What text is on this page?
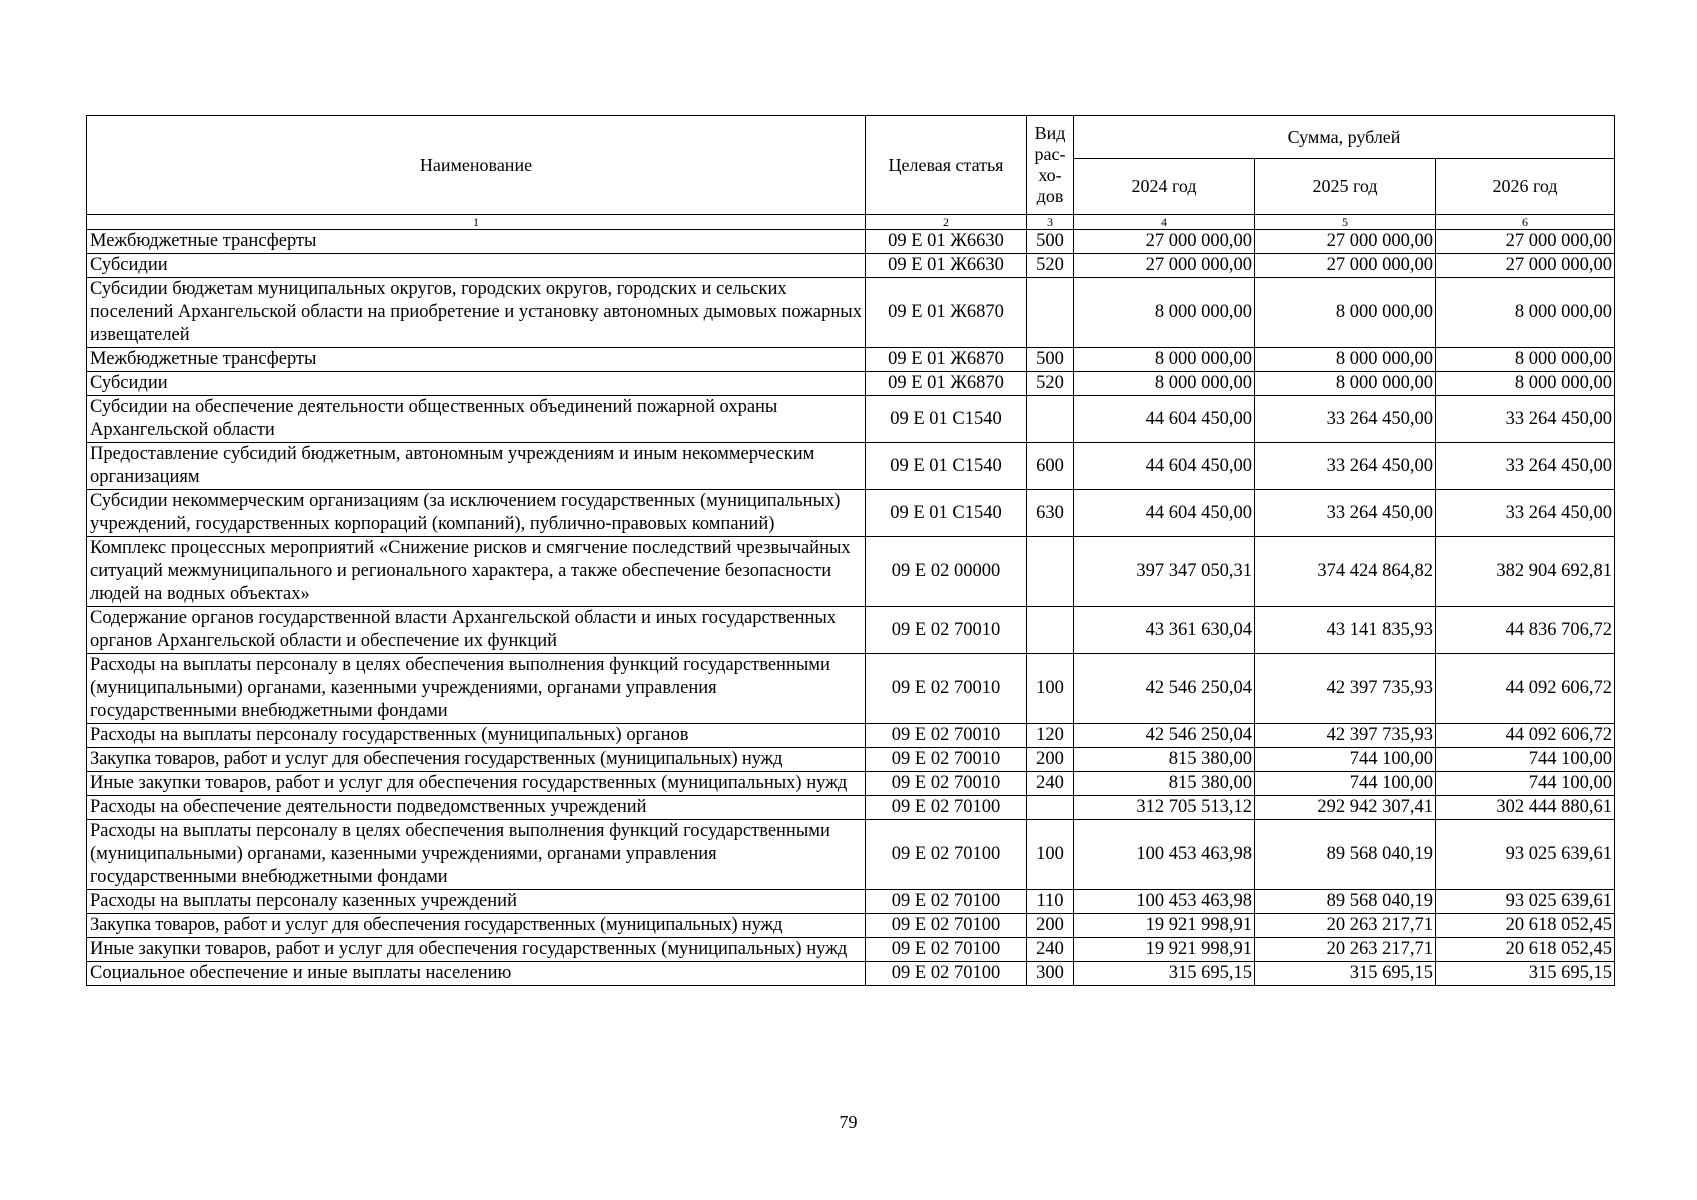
Наименование	Целевая статья	Вид рас-хо-дов	Сумма, рублей		
			2024 год	2025 год	2026 год
1	2	3	4	5	6
Межбюджетные трансферты	09 Е 01 Ж6630	500	27 000 000,00	27 000 000,00	27 000 000,00
Субсидии	09 Е 01 Ж6630	520	27 000 000,00	27 000 000,00	27 000 000,00
Субсидии бюджетам муниципальных округов, городских округов, городских и сельских поселений Архангельской области на приобретение и установку автономных дымовых пожарных извещателей	09 Е 01 Ж6870		8 000 000,00	8 000 000,00	8 000 000,00
Межбюджетные трансферты	09 Е 01 Ж6870	500	8 000 000,00	8 000 000,00	8 000 000,00
Субсидии	09 Е 01 Ж6870	520	8 000 000,00	8 000 000,00	8 000 000,00
Субсидии на обеспечение деятельности общественных объединений пожарной охраны Архангельской области	09 Е 01 С1540		44 604 450,00	33 264 450,00	33 264 450,00
Предоставление субсидий бюджетным, автономным учреждениям и иным некоммерческим организациям	09 Е 01 С1540	600	44 604 450,00	33 264 450,00	33 264 450,00
Субсидии некоммерческим организациям (за исключением государственных (муниципальных) учреждений, государственных корпораций (компаний), публично-правовых компаний)	09 Е 01 С1540	630	44 604 450,00	33 264 450,00	33 264 450,00
Комплекс процессных мероприятий «Снижение рисков и смягчение последствий чрезвычайных ситуаций межмуниципального и регионального характера, а также обеспечение безопасности людей на водных объектах»	09 Е 02 00000		397 347 050,31	374 424 864,82	382 904 692,81
Содержание органов государственной власти Архангельской области и иных государственных органов Архангельской области и обеспечение их функций	09 Е 02 70010		43 361 630,04	43 141 835,93	44 836 706,72
Расходы на выплаты персоналу в целях обеспечения выполнения функций государственными (муниципальными) органами, казенными учреждениями, органами управления государственными внебюджетными фондами	09 Е 02 70010	100	42 546 250,04	42 397 735,93	44 092 606,72
Расходы на выплаты персоналу государственных (муниципальных) органов	09 Е 02 70010	120	42 546 250,04	42 397 735,93	44 092 606,72
Закупка товаров, работ и услуг для обеспечения государственных (муниципальных) нужд	09 Е 02 70010	200	815 380,00	744 100,00	744 100,00
Иные закупки товаров, работ и услуг для обеспечения государственных (муниципальных) нужд	09 Е 02 70010	240	815 380,00	744 100,00	744 100,00
Расходы на обеспечение деятельности подведомственных учреждений	09 Е 02 70100		312 705 513,12	292 942 307,41	302 444 880,61
Расходы на выплаты персоналу в целях обеспечения выполнения функций государственными (муниципальными) органами, казенными учреждениями, органами управления государственными внебюджетными фондами	09 Е 02 70100	100	100 453 463,98	89 568 040,19	93 025 639,61
Расходы на выплаты персоналу казенных учреждений	09 Е 02 70100	110	100 453 463,98	89 568 040,19	93 025 639,61
Закупка товаров, работ и услуг для обеспечения государственных (муниципальных) нужд	09 Е 02 70100	200	19 921 998,91	20 263 217,71	20 618 052,45
Иные закупки товаров, работ и услуг для обеспечения государственных (муниципальных) нужд	09 Е 02 70100	240	19 921 998,91	20 263 217,71	20 618 052,45
Социальное обеспечение и иные выплаты населению	09 Е 02 70100	300	315 695,15	315 695,15	315 695,15
79
